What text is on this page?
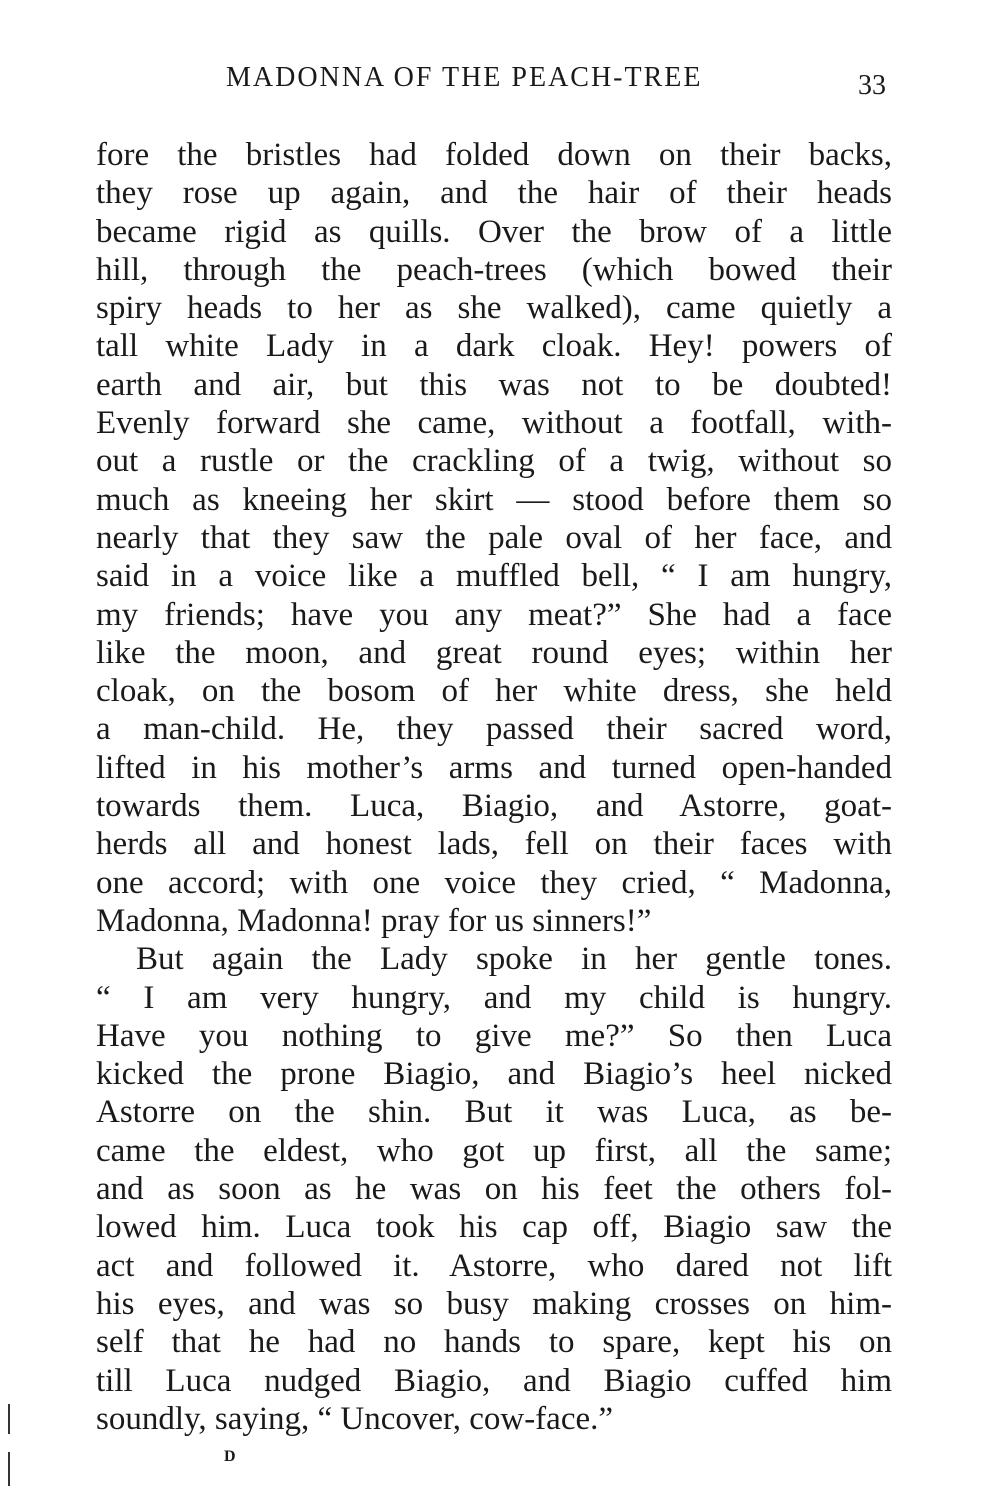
MADONNA OF THE PEACH-TREE	33
fore the bristles had folded down on their backs,
they rose up again, and the hair of their heads
became rigid as quills. Over the brow of a little
hill, through the peach-trees (which bowed their
spiry heads to her as she walked), came quietly a
tall white Lady in a dark cloak. Hey! powers of
earth and air, but this was not to be doubted!
Evenly forward she came, without a footfall, with-
out a rustle or the crackling of a twig, without so
much as kneeing her skirt — stood before them so
nearly that they saw the pale oval of her face, and
said in a voice like a muffled bell, “ I am hungry,
my friends; have you any meat?” She had a face
like the moon, and great round eyes; within her
cloak, on the bosom of her white dress, she held
a man-child. He, they passed their sacred word,
lifted in his mother’s arms and turned open-handed
towards them. Luca, Biagio, and Astorre, goat-
herds all and honest lads, fell on their faces with
one accord; with one voice they cried, “ Madonna,
Madonna, Madonna! pray for us sinners!”
But again the Lady spoke in her gentle tones.
“ I am very hungry, and my child is hungry.
Have you nothing to give me?” So then Luca
kicked the prone Biagio, and Biagio’s heel nicked
Astorre on the shin. But it was Luca, as be-
came the eldest, who got up first, all the same;
and as soon as he was on his feet the others fol-
lowed him. Luca took his cap off, Biagio saw the
act and followed it. Astorre, who dared not lift
his eyes, and was so busy making crosses on him-
self that he had no hands to spare, kept his on
till Luca nudged Biagio, and Biagio cuffed him
soundly, saying, “ Uncover, cow-face.”
D
